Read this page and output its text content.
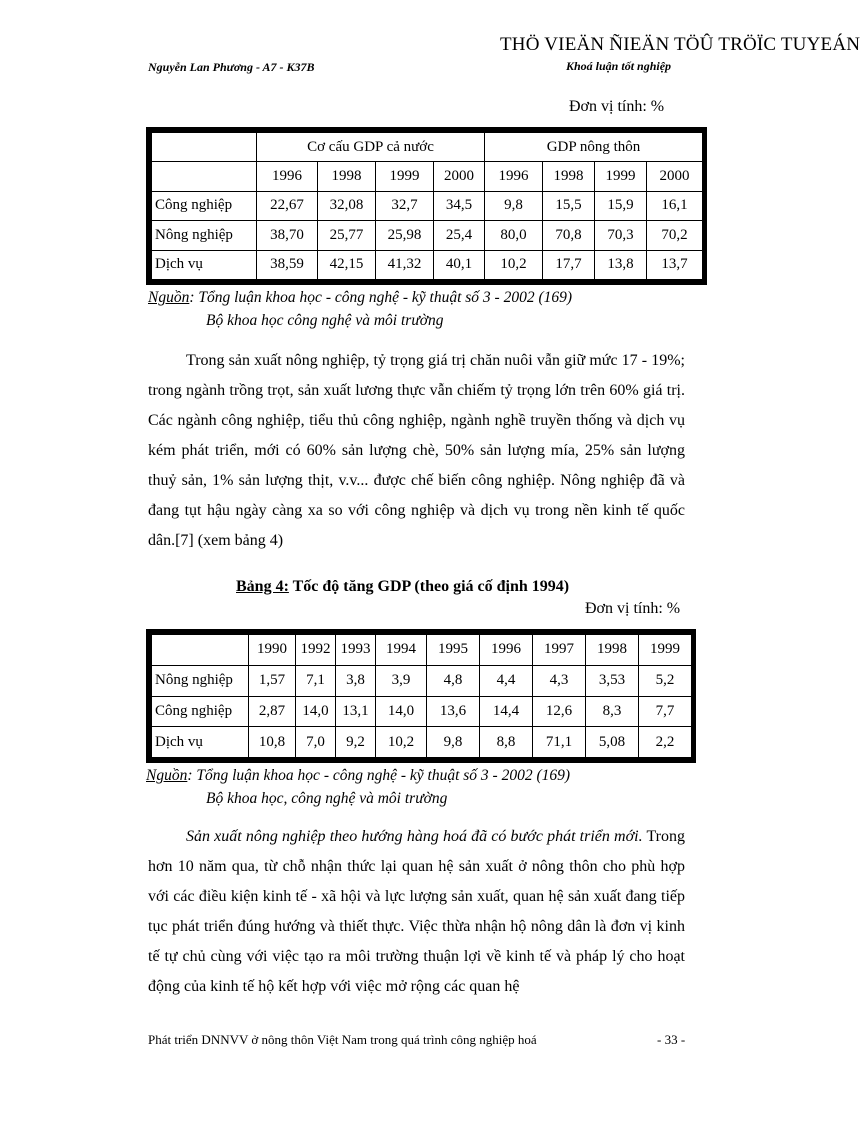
THÖ VIEÄN ÑIEÄN TÖÛ TRÖÏC TUYEÁN
Nguyễn Lan Phương - A7 - K37B	Khoá luận tốt nghiệp
Đơn vị tính: %
	Cơ cấu GDP cả nước				GDP nông thôn			
	1996	1998	1999	2000	1996	1998	1999	2000
Công nghiệp	22,67	32,08	32,7	34,5	9,8	15,5	15,9	16,1
Nông nghiệp	38,70	25,77	25,98	25,4	80,0	70,8	70,3	70,2
Dịch vụ	38,59	42,15	41,32	40,1	10,2	17,7	13,8	13,7
Nguồn: Tổng luận khoa học - công nghệ - kỹ thuật số 3 - 2002 (169)
Bộ khoa học công nghệ và môi trường

Trong sản xuất nông nghiệp, tỷ trọng giá trị chăn nuôi vẫn giữ mức 17 - 19%; trong ngành trồng trọt, sản xuất lương thực vẫn chiếm tỷ trọng lớn trên 60% giá trị. Các ngành công nghiệp, tiểu thủ công nghiệp, ngành nghề truyền thống và dịch vụ kém phát triển, mới có 60% sản lượng chè, 50% sản lượng mía, 25% sản lượng thuỷ sản, 1% sản lượng thịt, v.v... được chế biến công nghiệp. Nông nghiệp đã và đang tụt hậu ngày càng xa so với công nghiệp và dịch vụ trong nền kinh tế quốc dân.[7] (xem bảng 4)

Bảng 4: Tốc độ tăng GDP (theo giá cố định 1994)
Đơn vị tính: %
	1990	1992	1993	1994	1995	1996	1997	1998	1999
Nông nghiệp	1,57	7,1	3,8	3,9	4,8	4,4	4,3	3,53	5,2
Công nghiệp	2,87	14,0	13,1	14,0	13,6	14,4	12,6	8,3	7,7
Dịch vụ	10,8	7,0	9,2	10,2	9,8	8,8	71,1	5,08	2,2
Nguồn: Tổng luận khoa học - công nghệ - kỹ thuật số 3 - 2002 (169)
Bộ khoa học, công nghệ và môi trường

Sản xuất nông nghiệp theo hướng hàng hoá đã có bước phát triển mới. Trong hơn 10 năm qua, từ chỗ nhận thức lại quan hệ sản xuất ở nông thôn cho phù hợp với các điều kiện kinh tế - xã hội và lực lượng sản xuất, quan hệ sản xuất đang tiếp tục phát triển đúng hướng và thiết thực. Việc thừa nhận hộ nông dân là đơn vị kinh tế tự chủ cùng với việc tạo ra môi trường thuận lợi về kinh tế và pháp lý cho hoạt động của kinh tế hộ kết hợp với việc mở rộng các quan hệ

Phát triển DNNVV ở nông thôn Việt Nam trong quá trình công nghiệp hoá	- 33 -
